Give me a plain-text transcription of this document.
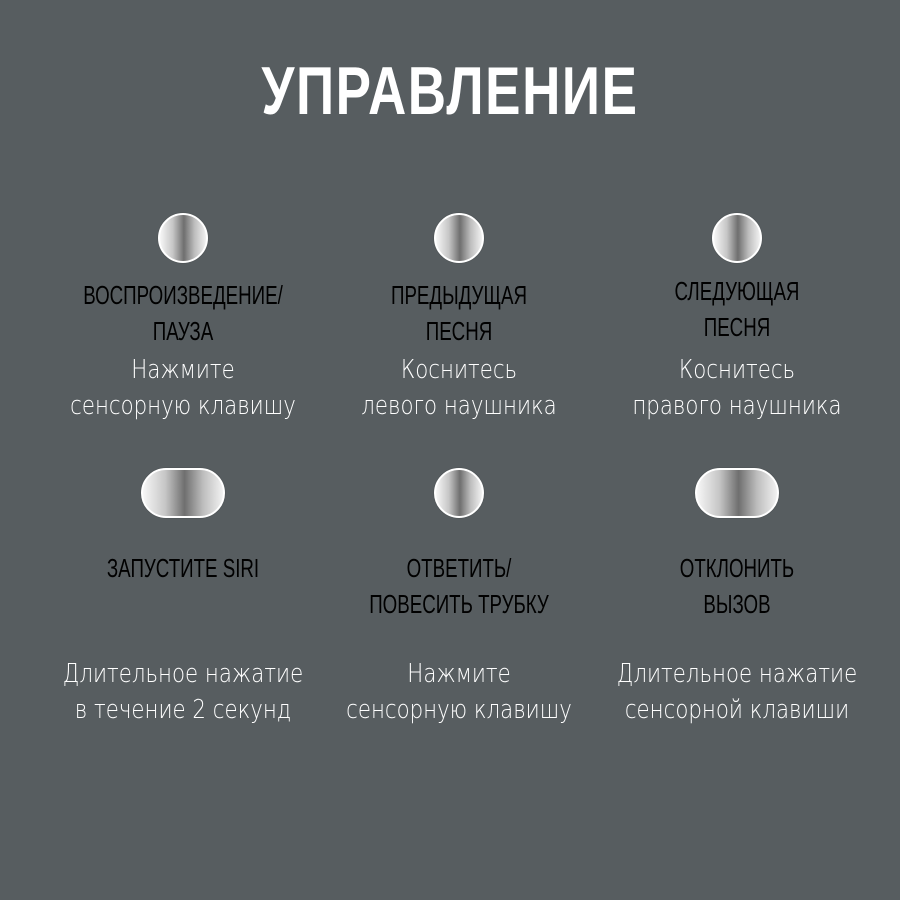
УПРАВЛЕНИЕ
ВОСПРОИЗВЕДЕНИЕ/
ПАУЗА
Нажмите
сенсорную клавишу
ПРЕДЫДУЩАЯ
ПЕСНЯ
Коснитесь
левого наушника
СЛЕДУЮЩАЯ
ПЕСНЯ
Коснитесь
правого наушника
ЗАПУСТИТЕ SIRI
Длительное нажатие
в течение 2 секунд
ОТВЕТИТЬ/
ПОВЕСИТЬ ТРУБКУ
Нажмите
сенсорную клавишу
ОТКЛОНИТЬ
ВЫЗОВ
Длительное нажатие
сенсорной клавиши
